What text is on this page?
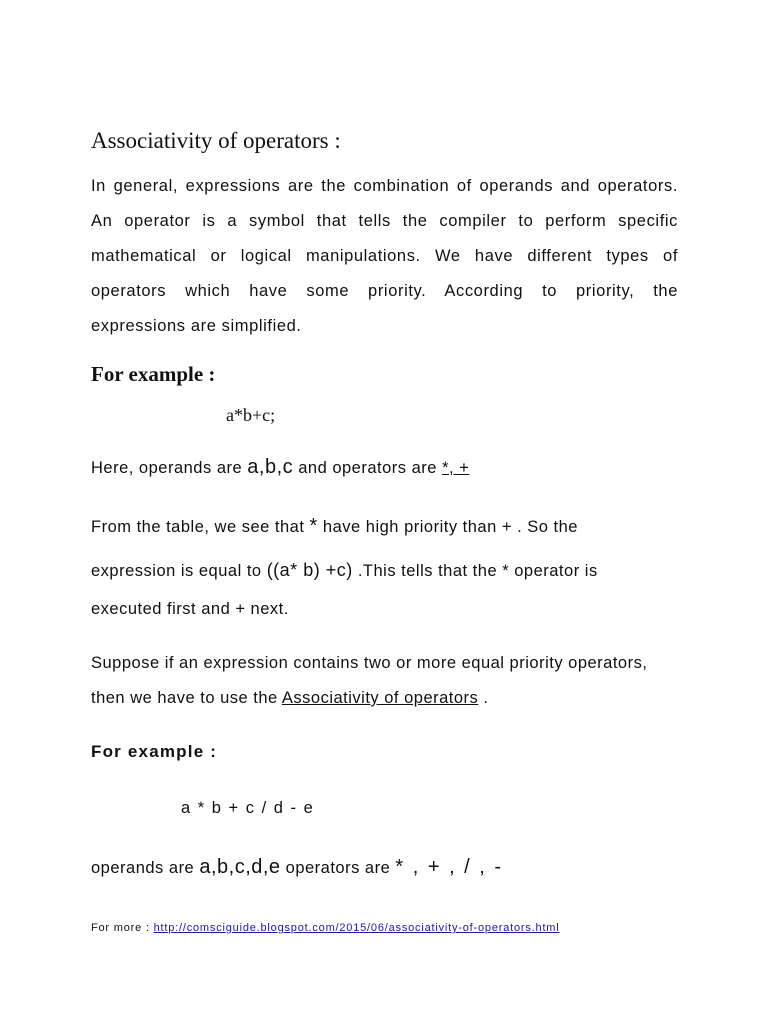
Associativity of operators :
In general, expressions are the combination of operands and operators.
An operator is a symbol that tells the compiler to perform specific
mathematical or logical manipulations. We have different types of
operators which have some priority. According to priority, the
expressions are simplified.
For example :
a*b+c;
Here, operands are a,b,c and operators are *, +
From the table, we see that * have high priority than + . So the
expression is equal to ((a* b) +c) .This tells that the * operator is
executed first and + next.
Suppose if an expression contains two or more equal priority operators,
then we have to use the Associativity of operators .
For example :
a * b + c / d - e
operands are a,b,c,d,e operators are * , + , / , -
For more : http://comsciguide.blogspot.com/2015/06/associativity-of-operators.html
